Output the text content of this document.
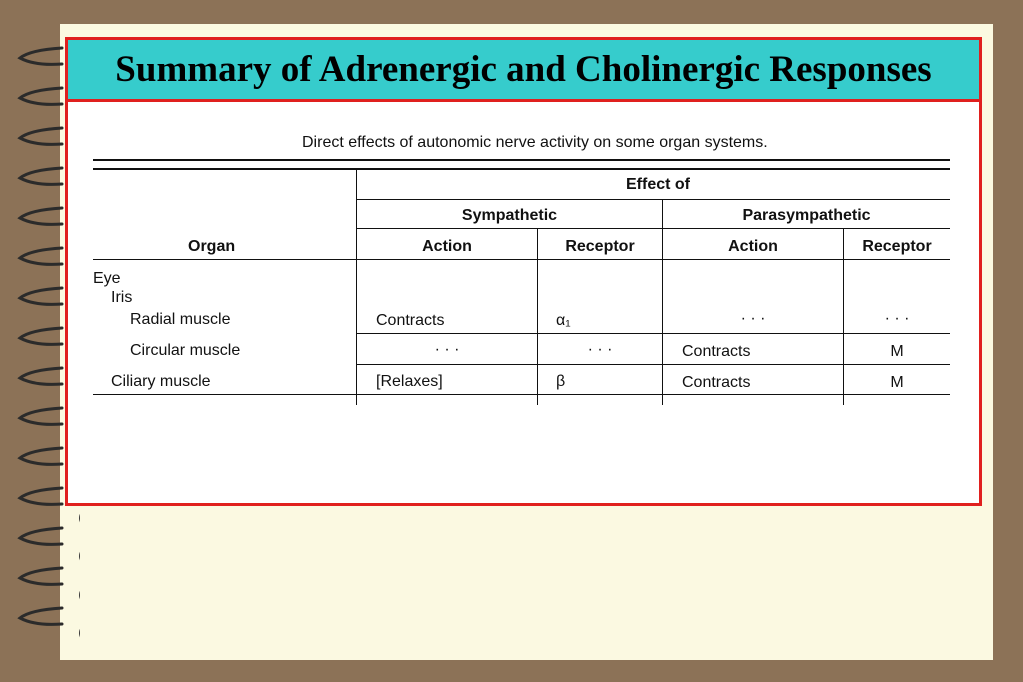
Summary of Adrenergic and Cholinergic Responses
Direct effects of autonomic nerve activity on some organ systems.
Effect of
Sympathetic	Parasympathetic
Organ	Action	Receptor	Action	Receptor
Eye
Iris
Radial muscle	Contracts	α₁	· · ·	· · ·
Circular muscle	· · ·	· · ·	Contracts	M
Ciliary muscle	[Relaxes]	β	Contracts	M
